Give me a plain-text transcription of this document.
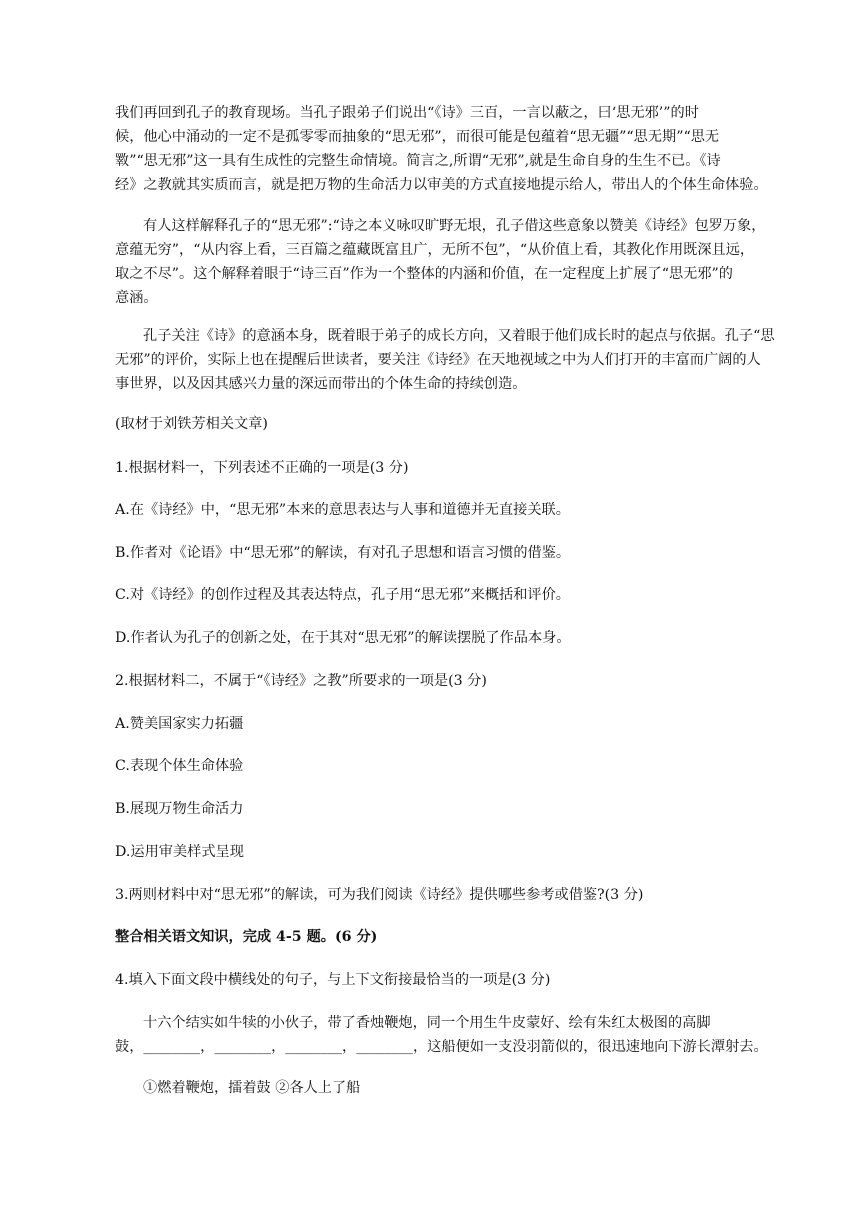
我们再回到孔子的教育现场。当孔子跟弟子们说出“《诗》三百，一言以蔽之，曰‘思无邪’”的时
候，他心中涌动的一定不是孤零零而抽象的“思无邪”，而很可能是包蕴着“思无疆”“思无期”“思无
斁”“思无邪”这一具有生成性的完整生命情境。简言之,所谓“无邪”,就是生命自身的生生不已。《诗
经》之教就其实质而言，就是把万物的生命活力以审美的方式直接地提示给人，带出人的个体生命体验。
有人这样解释孔子的“思无邪”:“诗之本义咏叹旷野无垠，孔子借这些意象以赞美《诗经》包罗万象，
意蕴无穷”，“从内容上看，三百篇之蕴藏既富且广，无所不包”，“从价值上看，其教化作用既深且远，
取之不尽”。这个解释着眼于“诗三百”作为一个整体的内涵和价值，在一定程度上扩展了“思无邪”的
意涵。
孔子关注《诗》的意涵本身，既着眼于弟子的成长方向，又着眼于他们成长时的起点与依据。孔子“思
无邪”的评价，实际上也在提醒后世读者，要关注《诗经》在天地视域之中为人们打开的丰富而广阔的人
事世界，以及因其感兴力量的深远而带出的个体生命的持续创造。
(取材于刘铁芳相关文章)
1.根据材料一，下列表述不正确的一项是(3 分)
A.在《诗经》中，“思无邪”本来的意思表达与人事和道德并无直接关联。
B.作者对《论语》中“思无邪”的解读，有对孔子思想和语言习惯的借鉴。
C.对《诗经》的创作过程及其表达特点，孔子用“思无邪”来概括和评价。
D.作者认为孔子的创新之处，在于其对“思无邪”的解读摆脱了作品本身。
2.根据材料二，不属于“《诗经》之教”所要求的一项是(3 分)
A.赞美国家实力拓疆
C.表现个体生命体验
B.展现万物生命活力
D.运用审美样式呈现
3.两则材料中对“思无邪”的解读，可为我们阅读《诗经》提供哪些参考或借鉴?(3 分)
整合相关语文知识，完成 4-5 题。(6 分)
4.填入下面文段中横线处的句子，与上下文衔接最恰当的一项是(3 分)
十六个结实如牛犊的小伙子，带了香烛鞭炮，同一个用生牛皮蒙好、绘有朱红太极图的高脚
鼓，________，________，________，________，这船便如一支没羽箭似的，很迅速地向下游长潭射去。
①燃着鞭炮，擂着鼓 ②各人上了船
